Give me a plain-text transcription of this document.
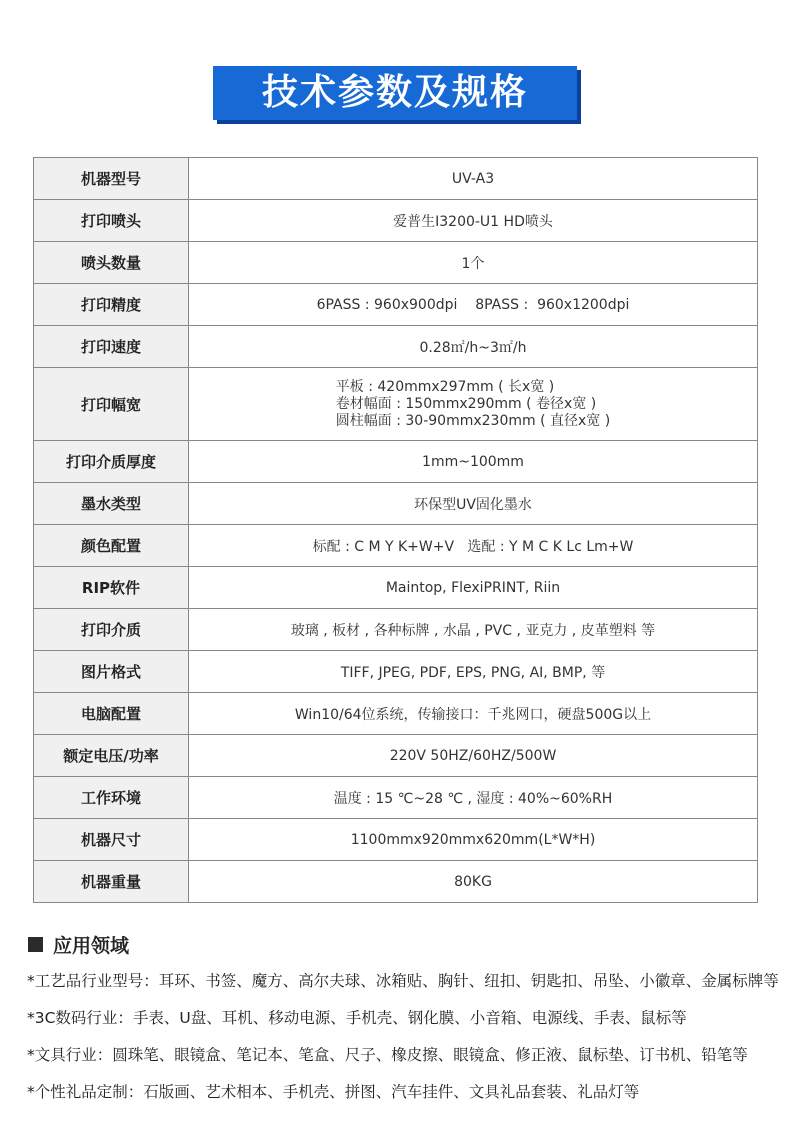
技术参数及规格
机器型号	UV-A3
打印喷头	爱普生I3200-U1 HD喷头
喷头数量	1个
打印精度	6PASS : 960x900dpi    8PASS :  960x1200dpi
打印速度	0.28㎡/h~3㎡/h
打印幅宽	平板 : 420mmx297mm ( 长x宽 )
卷材幅面 : 150mmx290mm ( 卷径x宽 )
圆柱幅面 : 30-90mmx230mm ( 直径x宽 )

打印介质厚度	1mm~100mm
墨水类型	环保型UV固化墨水
颜色配置	标配 : C M Y K+W+V   选配 : Y M C K Lc Lm+W
RIP软件	Maintop, FlexiPRINT, Riin
打印介质	玻璃 , 板材 , 各种标牌 , 水晶 , PVC , 亚克力 , 皮革塑料 等
图片格式	TIFF, JPEG, PDF, EPS, PNG, AI, BMP, 等
电脑配置	Win10/64位系统，传输接口：千兆网口，硬盘500G以上
额定电压/功率	220V 50HZ/60HZ/500W
工作环境	温度 : 15 ℃~28 ℃ , 湿度 : 40%~60%RH
机器尺寸	1100mmx920mmx620mm(L*W*H)
机器重量	80KG
应用领域
*工艺品行业型号：耳环、书签、魔方、高尔夫球、冰箱贴、胸针、纽扣、钥匙扣、吊坠、小徽章、金属标牌等
*3C数码行业：手表、U盘、耳机、移动电源、手机壳、钢化膜、小音箱、电源线、手表、鼠标等
*文具行业：圆珠笔、眼镜盒、笔记本、笔盒、尺子、橡皮擦、眼镜盒、修正液、鼠标垫、订书机、铅笔等
*个性礼品定制：石版画、艺术相本、手机壳、拼图、汽车挂件、文具礼品套装、礼品灯等
